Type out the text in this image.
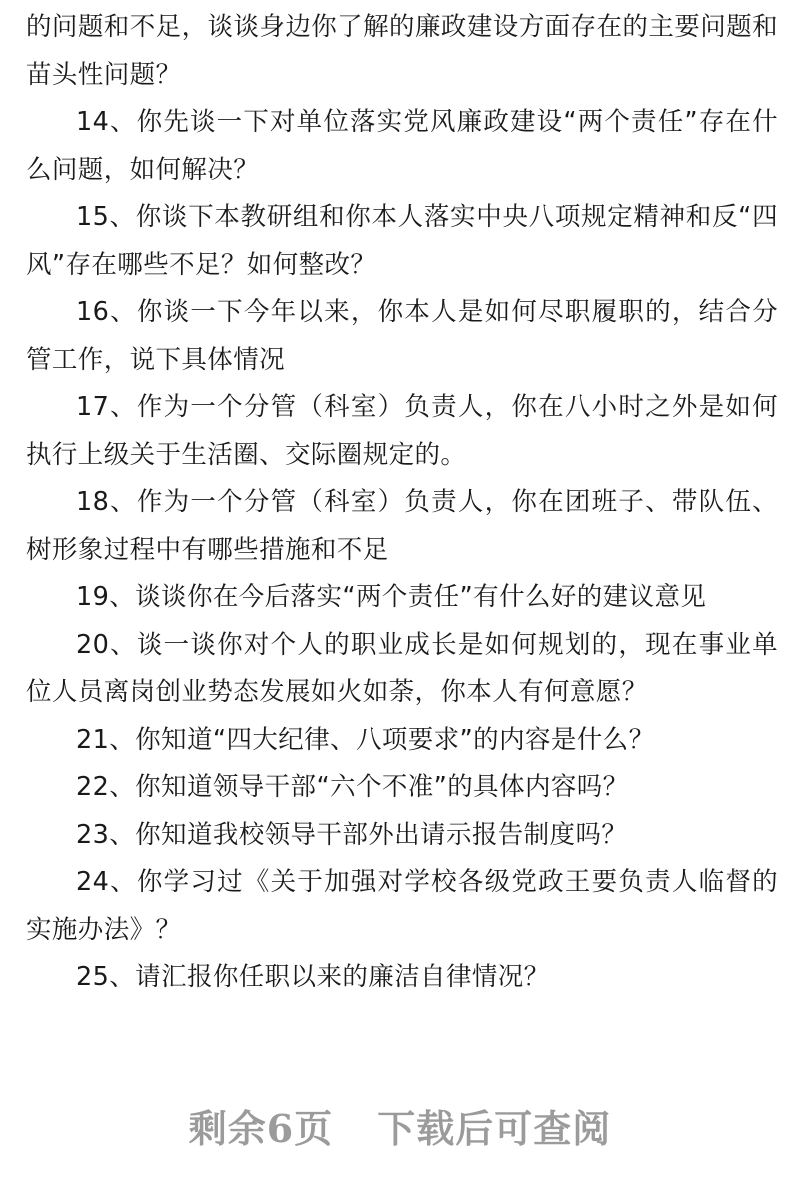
的问题和不足，谈谈身边你了解的廉政建设方面存在的主要问题和苗头性问题？

14、你先谈一下对单位落实党风廉政建设“两个责任”存在什么问题，如何解决？

15、你谈下本教研组和你本人落实中央八项规定精神和反“四风”存在哪些不足？如何整改？

16、你谈一下今年以来，你本人是如何尽职履职的，结合分管工作，说下具体情况

17、作为一个分管（科室）负责人，你在八小时之外是如何执行上级关于生活圈、交际圈规定的。

18、作为一个分管（科室）负责人，你在团班子、带队伍、树形象过程中有哪些措施和不足

19、谈谈你在今后落实“两个责任”有什么好的建议意见

20、谈一谈你对个人的职业成长是如何规划的，现在事业单位人员离岗创业势态发展如火如荼，你本人有何意愿？

21、你知道“四大纪律、八项要求”的内容是什么？

22、你知道领导干部“六个不准”的具体内容吗？

23、你知道我校领导干部外出请示报告制度吗？

24、你学习过《关于加强对学校各级党政王要负责人临督的实施办法》？

25、请汇报你任职以来的廉洁自律情况？

剩余6页 下载后可查阅
